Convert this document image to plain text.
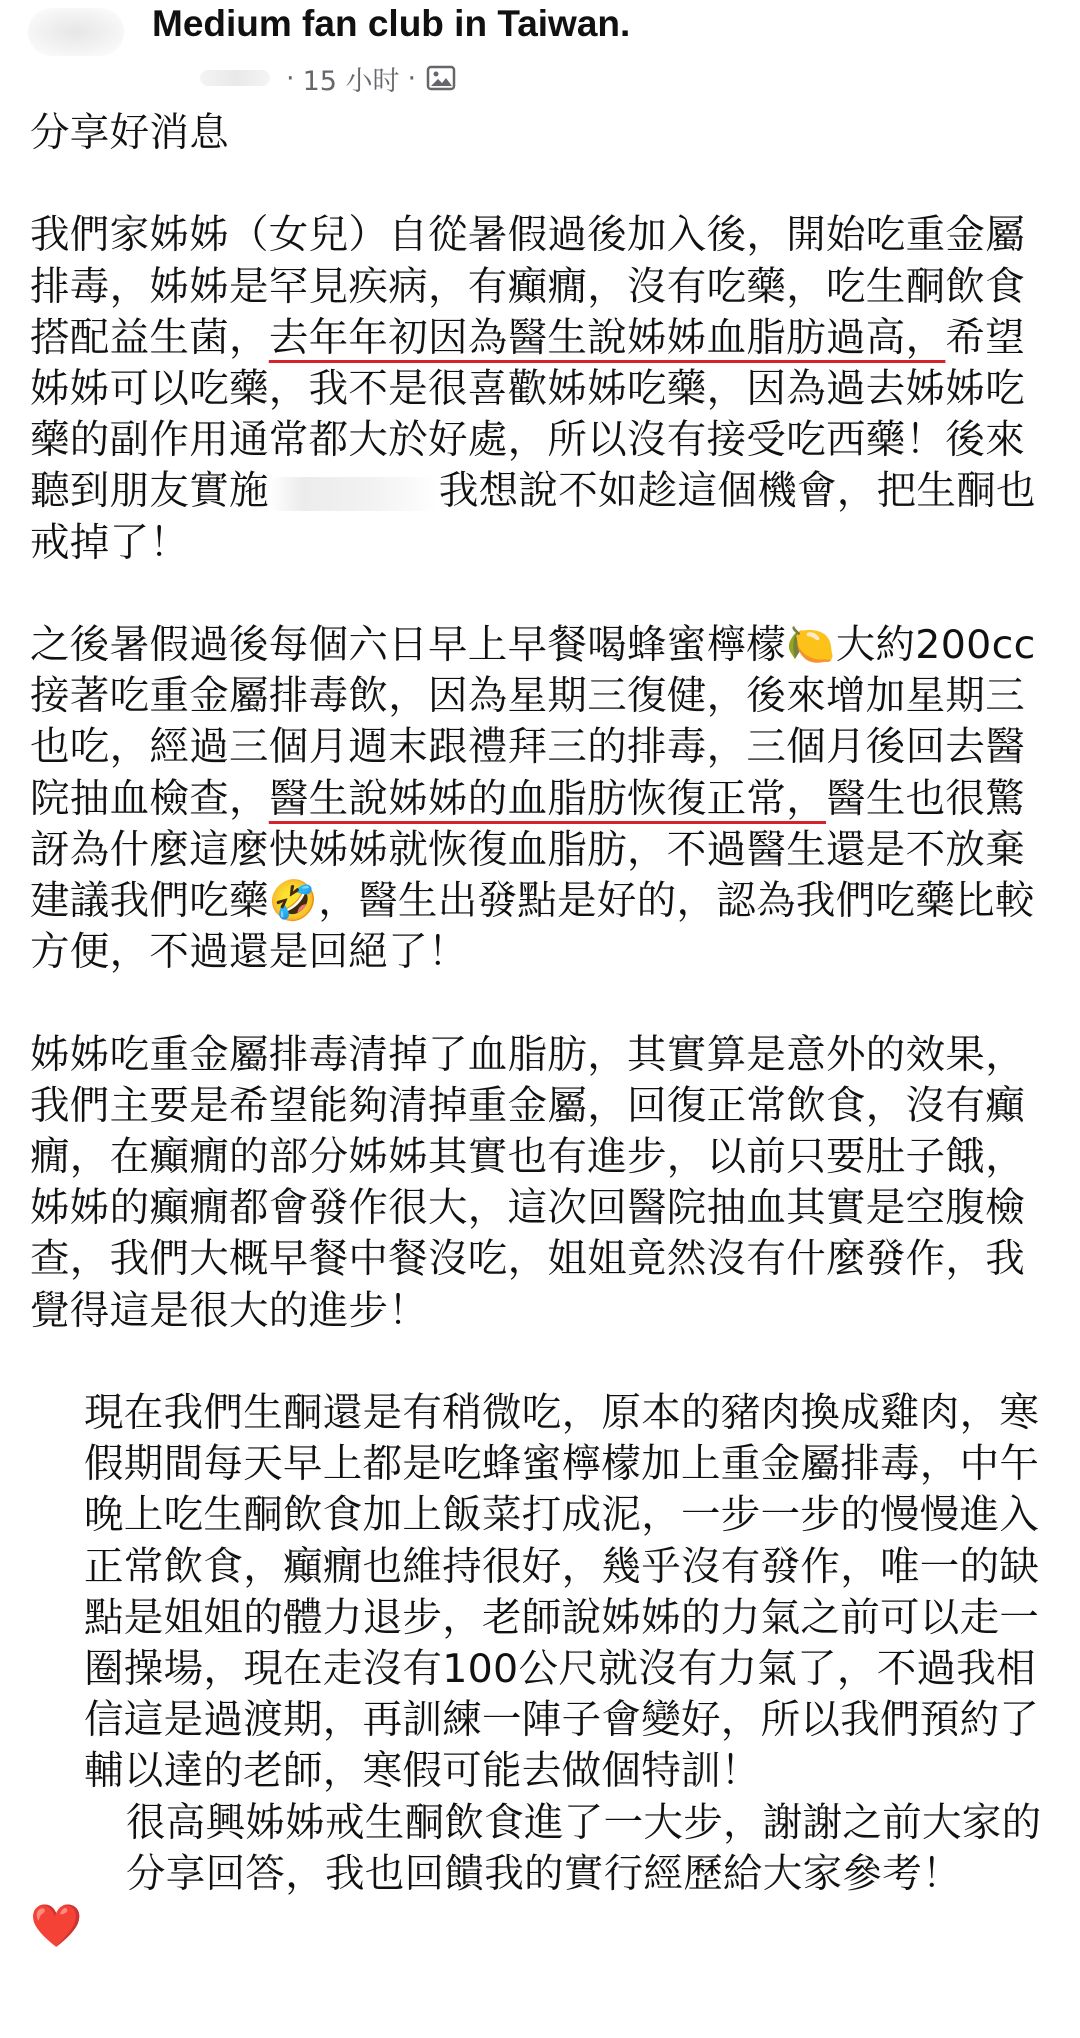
Medium fan club in Taiwan.
· 15 小时 ·

分享好消息

我們家姊姊（女兒）自從暑假過後加入後，開始吃重金屬排毒，姊姊是罕見疾病，有癲癇，沒有吃藥，吃生酮飲食搭配益生菌，去年年初因為醫生說姊姊血脂肪過高，希望姊姊可以吃藥，我不是很喜歡姊姊吃藥，因為過去姊姊吃藥的副作用通常都大於好處，所以沒有接受吃西藥！後來聽到朋友實施	我想說不如趁這個機會，把生酮也戒掉了！

之後暑假過後每個六日早上早餐喝蜂蜜檸檬🍋大約200cc接著吃重金屬排毒飲，因為星期三復健，後來增加星期三也吃，經過三個月週末跟禮拜三的排毒，三個月後回去醫院抽血檢查，醫生說姊姊的血脂肪恢復正常，醫生也很驚訝為什麼這麼快姊姊就恢復血脂肪，不過醫生還是不放棄建議我們吃藥🤣，醫生出發點是好的，認為我們吃藥比較方便，不過還是回絕了！

姊姊吃重金屬排毒清掉了血脂肪，其實算是意外的效果，我們主要是希望能夠清掉重金屬，回復正常飲食，沒有癲癇，在癲癇的部分姊姊其實也有進步，以前只要肚子餓，姊姊的癲癇都會發作很大，這次回醫院抽血其實是空腹檢查，我們大概早餐中餐沒吃，姐姐竟然沒有什麼發作，我覺得這是很大的進步！

現在我們生酮還是有稍微吃，原本的豬肉換成雞肉，寒假期間每天早上都是吃蜂蜜檸檬加上重金屬排毒，中午晚上吃生酮飲食加上飯菜打成泥，一步一步的慢慢進入正常飲食，癲癇也維持很好，幾乎沒有發作，唯一的缺點是姐姐的體力退步，老師說姊姊的力氣之前可以走一圈操場，現在走沒有100公尺就沒有力氣了，不過我相信這是過渡期，再訓練一陣子會變好，所以我們預約了輔以達的老師，寒假可能去做個特訓！

很高興姊姊戒生酮飲食進了一大步，謝謝之前大家的分享回答，我也回饋我的實行經歷給大家參考！

❤️
